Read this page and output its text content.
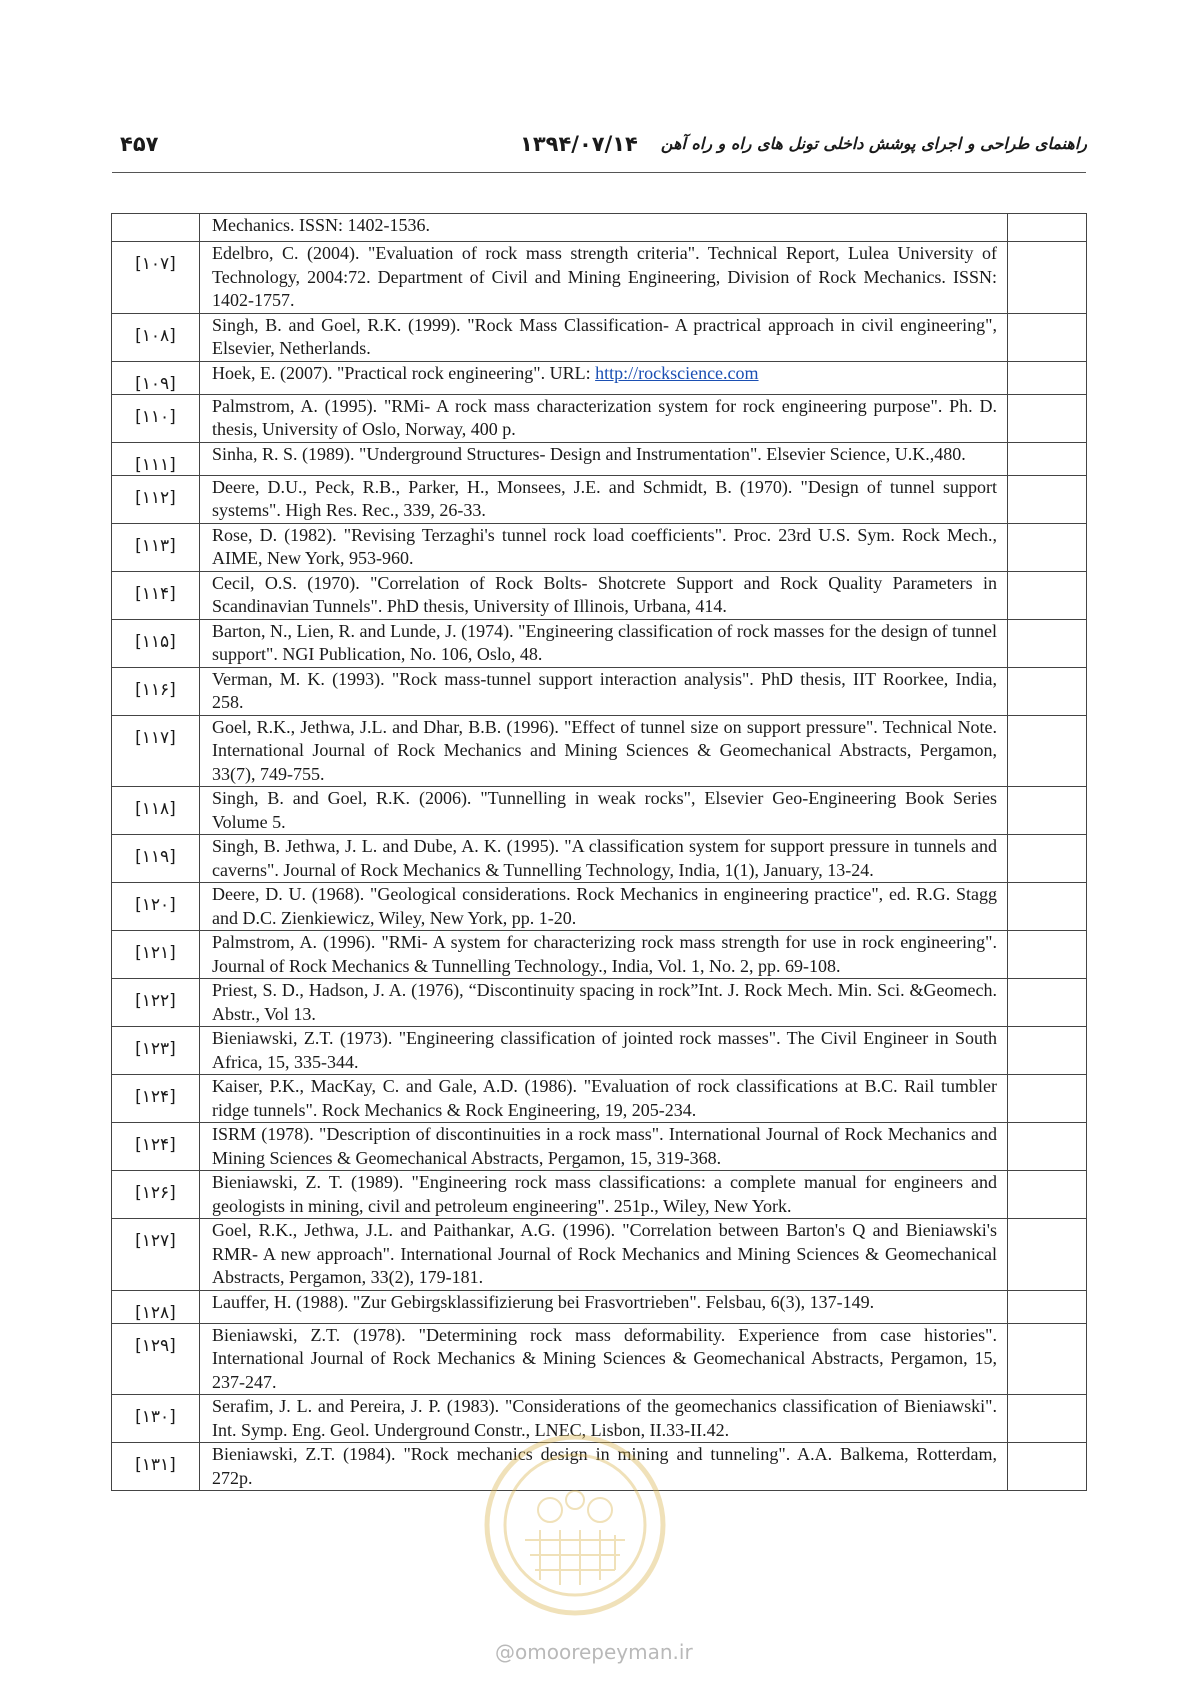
۴۵۷	۱۳۹۴/۰۷/۱۴ راهنمای طراحی و اجرای پوشش داخلی تونل های راه و راه آهن
	Mechanics. ISSN: 1402-1536.	
[۱۰۷]	Edelbro, C. (2004). "Evaluation of rock mass strength criteria". Technical Report, Lulea University of Technology, 2004:72. Department of Civil and Mining Engineering, Division of Rock Mechanics. ISSN: 1402-1757.	
[۱۰۸]	Singh, B. and Goel, R.K. (1999). "Rock Mass Classification- A practrical approach in civil engineering", Elsevier, Netherlands.	
[۱۰۹]	Hoek, E. (2007). "Practical rock engineering". URL: http://rockscience.com	
[۱۱۰]	Palmstrom, A. (1995). "RMi- A rock mass characterization system for rock engineering purpose". Ph. D. thesis, University of Oslo, Norway, 400 p.	
[۱۱۱]	Sinha, R. S. (1989). "Underground Structures- Design and Instrumentation". Elsevier Science, U.K.,480.	
[۱۱۲]	Deere, D.U., Peck, R.B., Parker, H., Monsees, J.E. and Schmidt, B. (1970). "Design of tunnel support systems". High Res. Rec., 339, 26-33.	
[۱۱۳]	Rose, D. (1982). "Revising Terzaghi's tunnel rock load coefficients". Proc. 23rd U.S. Sym. Rock Mech., AIME, New York, 953-960.	
[۱۱۴]	Cecil, O.S. (1970). "Correlation of Rock Bolts- Shotcrete Support and Rock Quality Parameters in Scandinavian Tunnels". PhD thesis, University of Illinois, Urbana, 414.	
[۱۱۵]	Barton, N., Lien, R. and Lunde, J. (1974). "Engineering classification of rock masses for the design of tunnel support". NGI Publication, No. 106, Oslo, 48.	
[۱۱۶]	Verman, M. K. (1993). "Rock mass-tunnel support interaction analysis". PhD thesis, IIT Roorkee, India, 258.	
[۱۱۷]	Goel, R.K., Jethwa, J.L. and Dhar, B.B. (1996). "Effect of tunnel size on support pressure". Technical Note. International Journal of Rock Mechanics and Mining Sciences & Geomechanical Abstracts, Pergamon, 33(7), 749-755.	
[۱۱۸]	Singh, B. and Goel, R.K. (2006). "Tunnelling in weak rocks", Elsevier Geo-Engineering Book Series Volume 5.	
[۱۱۹]	Singh, B. Jethwa, J. L. and Dube, A. K. (1995). "A classification system for support pressure in tunnels and caverns". Journal of Rock Mechanics & Tunnelling Technology, India, 1(1), January, 13-24.	
[۱۲۰]	Deere, D. U. (1968). "Geological considerations. Rock Mechanics in engineering practice", ed. R.G. Stagg and D.C. Zienkiewicz, Wiley, New York, pp. 1-20.	
[۱۲۱]	Palmstrom, A. (1996). "RMi- A system for characterizing rock mass strength for use in rock engineering". Journal of Rock Mechanics & Tunnelling Technology., India, Vol. 1, No. 2, pp. 69-108.	
[۱۲۲]	Priest, S. D., Hadson, J. A. (1976), “Discontinuity spacing in rock”Int. J. Rock Mech. Min. Sci. &Geomech. Abstr., Vol 13.	
[۱۲۳]	Bieniawski, Z.T. (1973). "Engineering classification of jointed rock masses". The Civil Engineer in South Africa, 15, 335-344.	
[۱۲۴]	Kaiser, P.K., MacKay, C. and Gale, A.D. (1986). "Evaluation of rock classifications at B.C. Rail tumbler ridge tunnels". Rock Mechanics & Rock Engineering, 19, 205-234.	
[۱۲۴]	ISRM (1978). "Description of discontinuities in a rock mass". International Journal of Rock Mechanics and Mining Sciences & Geomechanical Abstracts, Pergamon, 15, 319-368.	
[۱۲۶]	Bieniawski, Z. T. (1989). "Engineering rock mass classifications: a complete manual for engineers and geologists in mining, civil and petroleum engineering". 251p., Wiley, New York.	
[۱۲۷]	Goel, R.K., Jethwa, J.L. and Paithankar, A.G. (1996). "Correlation between Barton's Q and Bieniawski's RMR- A new approach". International Journal of Rock Mechanics and Mining Sciences & Geomechanical Abstracts, Pergamon, 33(2), 179-181.	
[۱۲۸]	Lauffer, H. (1988). "Zur Gebirgsklassifizierung bei Frasvortrieben". Felsbau, 6(3), 137-149.	
[۱۲۹]	Bieniawski, Z.T. (1978). "Determining rock mass deformability. Experience from case histories". International Journal of Rock Mechanics & Mining Sciences & Geomechanical Abstracts, Pergamon, 15, 237-247.	
[۱۳۰]	Serafim, J. L. and Pereira, J. P. (1983). "Considerations of the geomechanics classification of Bieniawski". Int. Symp. Eng. Geol. Underground Constr., LNEC, Lisbon, II.33-II.42.	
[۱۳۱]	Bieniawski, Z.T. (1984). "Rock mechanics design in mining and tunneling". A.A. Balkema, Rotterdam, 272p.	
@omoorepeyman.ir
